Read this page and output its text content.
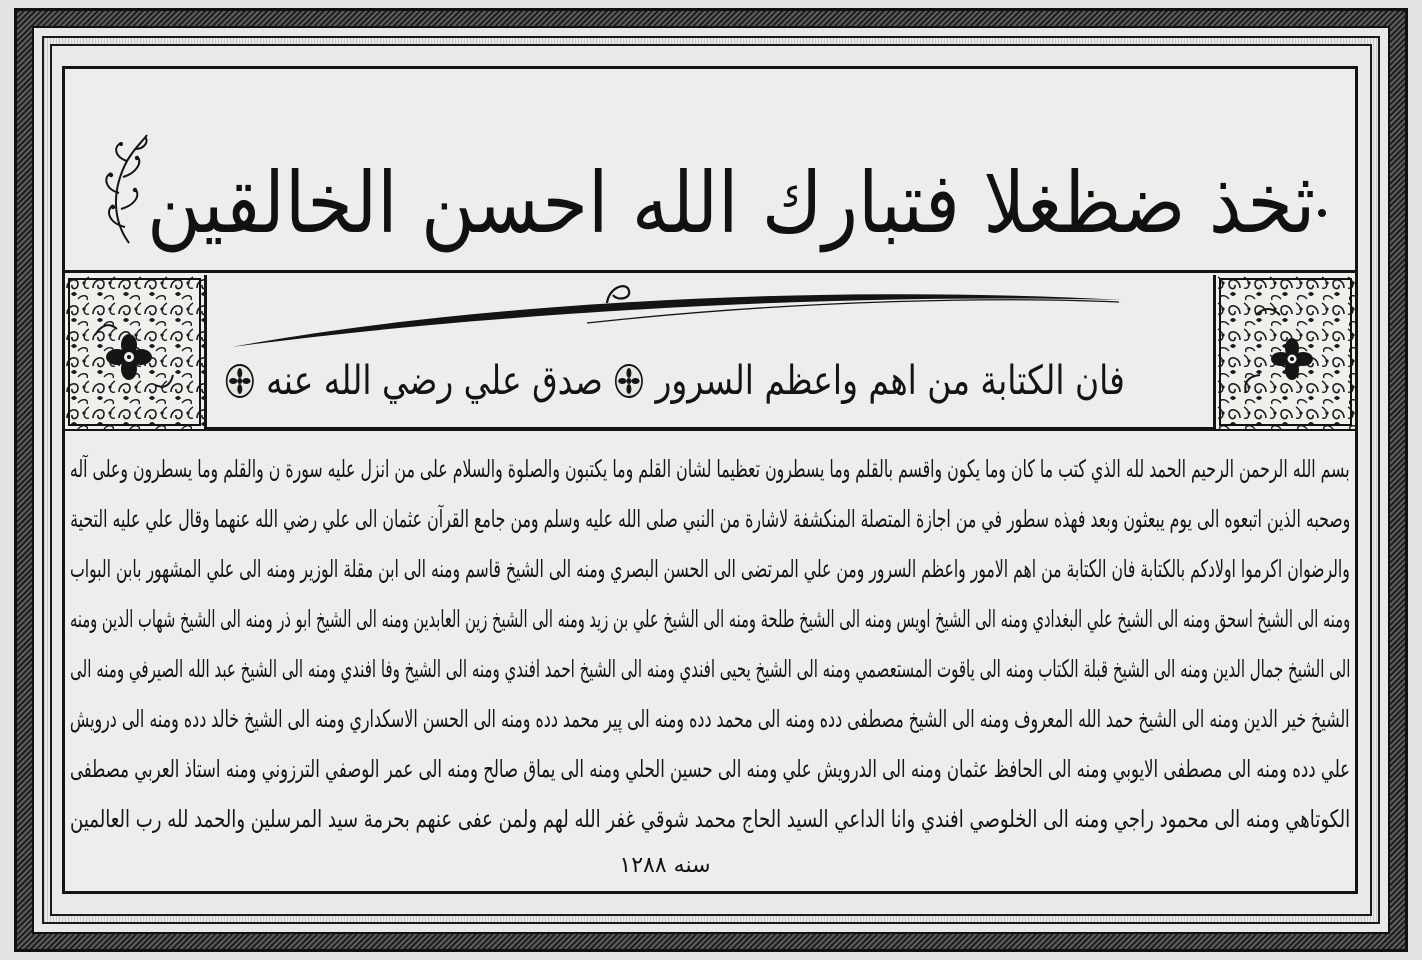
ثخذ ضظغلا فتبارك الله احسن الخالقين
فان الكتابة من اهم واعظم السرور
صدق علي رضي الله عنه
بسم الله الرحمن الرحيم الحمد لله الذي كتب ما كان وما يكون واقسم بالقلم وما يسطرون تعظيما لشان القلم وما يكتبون والصلوة والسلام على من انزل عليه سورة ن والقلم وما يسطرون وعلى آله
وصحبه الذين اتبعوه الى يوم يبعثون وبعد فهذه سطور في من اجازة المتصلة المنكشفة لاشارة من النبي صلى الله عليه وسلم ومن جامع القرآن عثمان الى علي رضي الله عنهما وقال علي عليه التحية
والرضوان اكرموا اولادكم بالكتابة فان الكتابة من اهم الامور واعظم السرور ومن علي المرتضى الى الحسن البصري ومنه الى الشيخ قاسم ومنه الى ابن مقلة الوزير ومنه الى علي المشهور بابن البواب
ومنه الى الشيخ اسحق ومنه الى الشيخ علي البغدادي ومنه الى الشيخ اويس ومنه الى الشيخ طلحة ومنه الى الشيخ علي بن زيد ومنه الى الشيخ زين العابدين ومنه الى الشيخ ابو ذر ومنه الى الشيخ شهاب الدين ومنه
الى الشيخ جمال الدين ومنه الى الشيخ قبلة الكتاب ومنه الى ياقوت المستعصمي ومنه الى الشيخ يحيى افندي ومنه الى الشيخ احمد افندي ومنه الى الشيخ وفا افندي ومنه الى الشيخ عبد الله الصيرفي ومنه الى
الشيخ خير الدين ومنه الى الشيخ حمد الله المعروف ومنه الى الشيخ مصطفى دده ومنه الى محمد دده ومنه الى پير محمد دده ومنه الى الحسن الاسكداري ومنه الى الشيخ خالد دده ومنه الى درويش
علي دده ومنه الى مصطفى الايوبي ومنه الى الحافظ عثمان ومنه الى الدرويش علي ومنه الى حسين الحلي ومنه الى يماق صالح ومنه الى عمر الوصفي الترزوني ومنه استاذ العربي مصطفى
الكوتاهي ومنه الى محمود راجي ومنه الى الخلوصي افندي وانا الداعي السيد الحاج محمد شوقي غفر الله لهم ولمن عفى عنهم بحرمة سيد المرسلين والحمد لله رب العالمين
سنه ١٢٨٨
